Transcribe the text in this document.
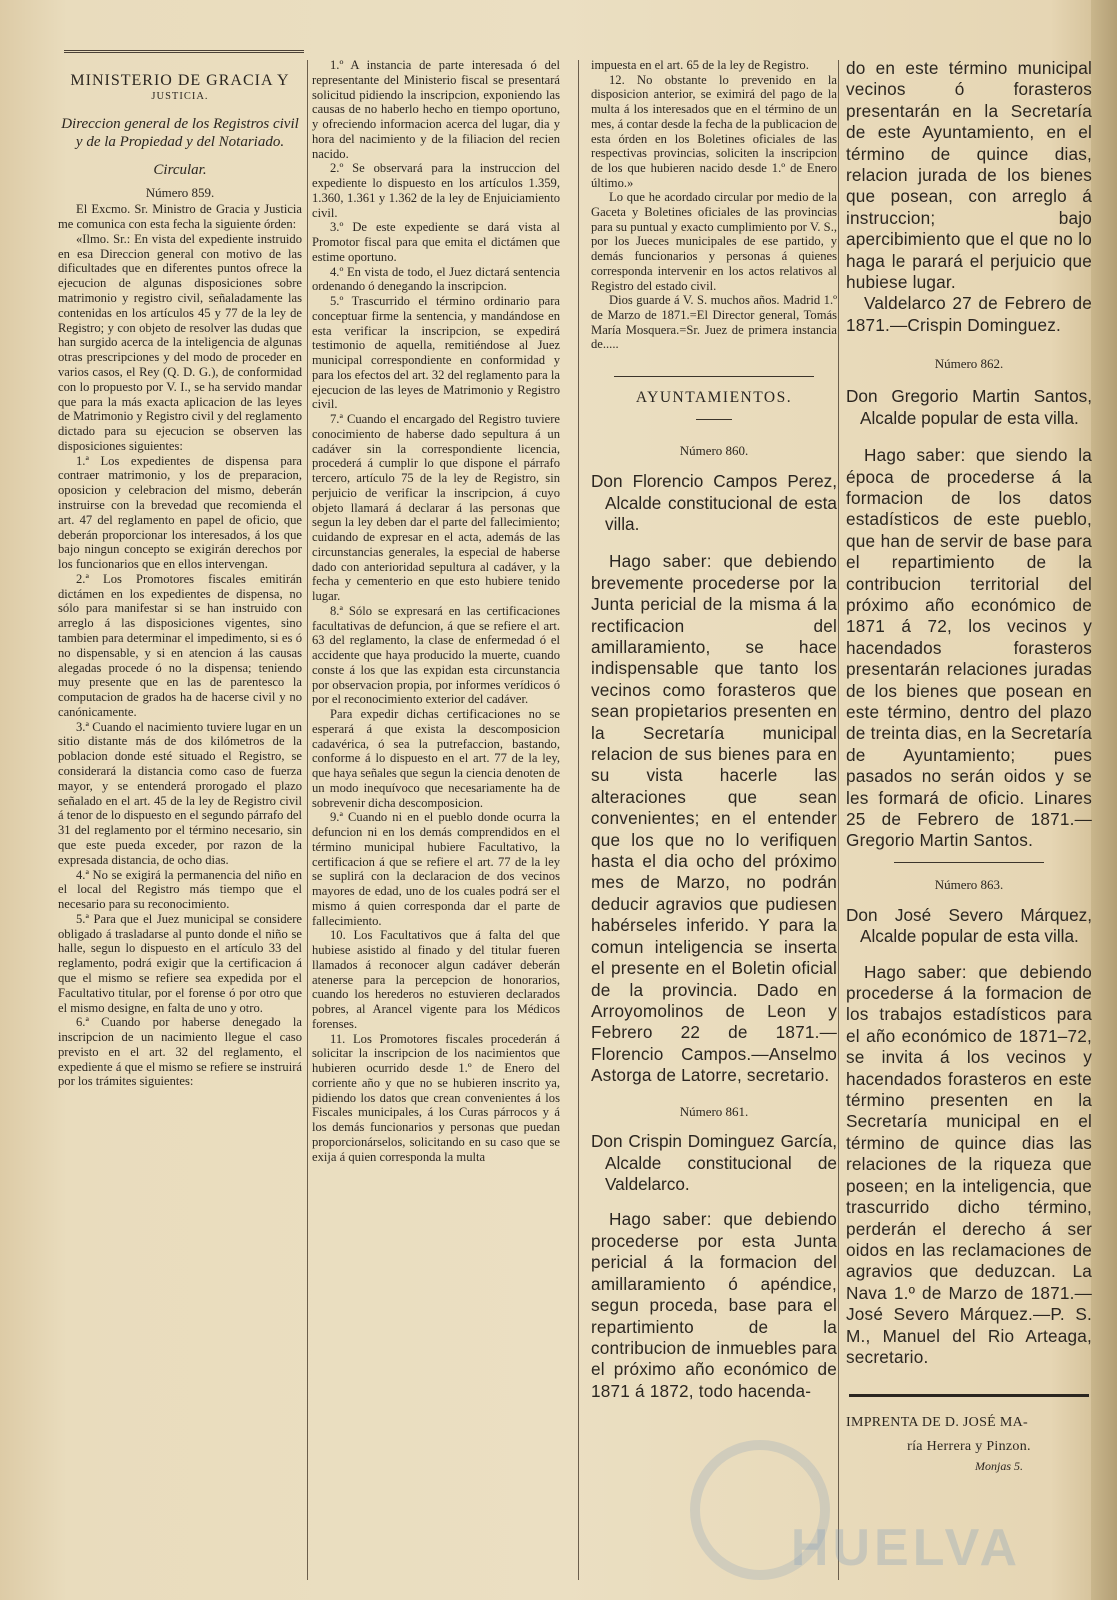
MINISTERIO DE GRACIA Y
JUSTICIA.
Direccion general de los Registros civil y de la Propiedad y del Notariado.
Circular.
Número 859.

El Excmo. Sr. Ministro de Gracia y Justicia me comunica con esta fecha la siguiente órden:

«Ilmo. Sr.: En vista del expediente instruido en esa Direccion general con motivo de las dificultades que en diferentes puntos ofrece la ejecucion de algunas disposiciones sobre matrimonio y registro civil, señaladamente las contenidas en los artículos 45 y 77 de la ley de Registro; y con objeto de resolver las dudas que han surgido acerca de la inteligencia de algunas otras prescripciones y del modo de proceder en varios casos, el Rey (Q. D. G.), de conformidad con lo propuesto por V. I., se ha servido mandar que para la más exacta aplicacion de las leyes de Matrimonio y Registro civil y del reglamento dictado para su ejecucion se observen las disposiciones siguientes:

1.ª Los expedientes de dispensa para contraer matrimonio, y los de preparacion, oposicion y celebracion del mismo, deberán instruirse con la brevedad que recomienda el art. 47 del reglamento en papel de oficio, que deberán proporcionar los interesados, á los que bajo ningun concepto se exigirán derechos por los funcionarios que en ellos intervengan.

2.ª Los Promotores fiscales emitirán dictámen en los expedientes de dispensa, no sólo para manifestar si se han instruido con arreglo á las disposiciones vigentes, sino tambien para determinar el impedimento, si es ó no dispensable, y si en atencion á las causas alegadas procede ó no la dispensa; teniendo muy presente que en las de parentesco la computacion de grados ha de hacerse civil y no canónicamente.

3.ª Cuando el nacimiento tuviere lugar en un sitio distante más de dos kilómetros de la poblacion donde esté situado el Registro, se considerará la distancia como caso de fuerza mayor, y se entenderá prorogado el plazo señalado en el art. 45 de la ley de Registro civil á tenor de lo dispuesto en el segundo párrafo del 31 del reglamento por el término necesario, sin que este pueda exceder, por razon de la expresada distancia, de ocho dias.

4.ª No se exigirá la permanencia del niño en el local del Registro más tiempo que el necesario para su reconocimiento.

5.ª Para que el Juez municipal se considere obligado á trasladarse al punto donde el niño se halle, segun lo dispuesto en el artículo 33 del reglamento, podrá exigir que la certificacion á que el mismo se refiere sea expedida por el Facultativo titular, por el forense ó por otro que el mismo designe, en falta de uno y otro.

6.ª Cuando por haberse denegado la inscripcion de un nacimiento llegue el caso previsto en el art. 32 del reglamento, el expediente á que el mismo se refiere se instruirá por los trámites siguientes:

1.º A instancia de parte interesada ó del representante del Ministerio fiscal se presentará solicitud pidiendo la inscripcion, exponiendo las causas de no haberlo hecho en tiempo oportuno, y ofreciendo informacion acerca del lugar, dia y hora del nacimiento y de la filiacion del recien nacido.

2.º Se observará para la instruccion del expediente lo dispuesto en los artículos 1.359, 1.360, 1.361 y 1.362 de la ley de Enjuiciamiento civil.

3.º De este expediente se dará vista al Promotor fiscal para que emita el dictámen que estime oportuno.

4.º En vista de todo, el Juez dictará sentencia ordenando ó denegando la inscripcion.

5.º Trascurrido el término ordinario para conceptuar firme la sentencia, y mandándose en esta verificar la inscripcion, se expedirá testimonio de aquella, remitiéndose al Juez municipal correspondiente en conformidad y para los efectos del art. 32 del reglamento para la ejecucion de las leyes de Matrimonio y Registro civil.

7.ª Cuando el encargado del Registro tuviere conocimiento de haberse dado sepultura á un cadáver sin la correspondiente licencia, procederá á cumplir lo que dispone el párrafo tercero, artículo 75 de la ley de Registro, sin perjuicio de verificar la inscripcion, á cuyo objeto llamará á declarar á las personas que segun la ley deben dar el parte del fallecimiento; cuidando de expresar en el acta, además de las circunstancias generales, la especial de haberse dado con anterioridad sepultura al cadáver, y la fecha y cementerio en que esto hubiere tenido lugar.

8.ª Sólo se expresará en las certificaciones facultativas de defuncion, á que se refiere el art. 63 del reglamento, la clase de enfermedad ó el accidente que haya producido la muerte, cuando conste á los que las expidan esta circunstancia por observacion propia, por informes verídicos ó por el reconocimiento exterior del cadáver.

Para expedir dichas certificaciones no se esperará á que exista la descomposicion cadavérica, ó sea la putrefaccion, bastando, conforme á lo dispuesto en el art. 77 de la ley, que haya señales que segun la ciencia denoten de un modo inequívoco que necesariamente ha de sobrevenir dicha descomposicion.

9.ª Cuando ni en el pueblo donde ocurra la defuncion ni en los demás comprendidos en el término municipal hubiere Facultativo, la certificacion á que se refiere el art. 77 de la ley se suplirá con la declaracion de dos vecinos mayores de edad, uno de los cuales podrá ser el mismo á quien corresponda dar el parte de fallecimiento.

10. Los Facultativos que á falta del que hubiese asistido al finado y del titular fueren llamados á reconocer algun cadáver deberán atenerse para la percepcion de honorarios, cuando los herederos no estuvieren declarados pobres, al Arancel vigente para los Médicos forenses.

11. Los Promotores fiscales procederán á solicitar la inscripcion de los nacimientos que hubieren ocurrido desde 1.º de Enero del corriente año y que no se hubieren inscrito ya, pidiendo los datos que crean convenientes á los Fiscales municipales, á los Curas párrocos y á los demás funcionarios y personas que puedan proporcionárselos, solicitando en su caso que se exija á quien corresponda la multa

impuesta en el art. 65 de la ley de Registro.

12. No obstante lo prevenido en la disposicion anterior, se eximirá del pago de la multa á los interesados que en el término de un mes, á contar desde la fecha de la publicacion de esta órden en los Boletines oficiales de las respectivas provincias, soliciten la inscripcion de los que hubieren nacido desde 1.º de Enero último.»

Lo que he acordado circular por medio de la Gaceta y Boletines oficiales de las provincias para su puntual y exacto cumplimiento por V. S., por los Jueces municipales de ese partido, y demás funcionarios y personas á quienes corresponda intervenir en los actos relativos al Registro del estado civil.

Dios guarde á V. S. muchos años. Madrid 1.º de Marzo de 1871.=El Director general, Tomás María Mosquera.=Sr. Juez de primera instancia de.....

AYUNTAMIENTOS.
Número 860.

Don Florencio Campos Perez, Alcalde constitucional de esta villa.

Hago saber: que debiendo brevemente procederse por la Junta pericial de la misma á la rectificacion del amillaramiento, se hace indispensable que tanto los vecinos como forasteros que sean propietarios presenten en la Secretaría municipal relacion de sus bienes para en su vista hacerle las alteraciones que sean convenientes; en el entender que los que no lo verifiquen hasta el dia ocho del próximo mes de Marzo, no podrán deducir agravios que pudiesen habérseles inferido. Y para la comun inteligencia se inserta el presente en el Boletin oficial de la provincia. Dado en Arroyomolinos de Leon y Febrero 22 de 1871.—Florencio Campos.—Anselmo Astorga de Latorre, secretario.

Número 861.

Don Crispin Dominguez García, Alcalde constitucional de Valdelarco.

Hago saber: que debiendo procederse por esta Junta pericial á la formacion del amillaramiento ó apéndice, segun proceda, base para el repartimiento de la contribucion de inmuebles para el próximo año económico de 1871 á 1872, todo hacenda-

do en este término municipal vecinos ó forasteros presentarán en la Secretaría de este Ayuntamiento, en el término de quince dias, relacion jurada de los bienes que posean, con arreglo á instruccion; bajo apercibimiento que el que no lo haga le parará el perjuicio que hubiese lugar.

Valdelarco 27 de Febrero de 1871.—Crispin Dominguez.

Número 862.

Don Gregorio Martin Santos, Alcalde popular de esta villa.

Hago saber: que siendo la época de procederse á la formacion de los datos estadísticos de este pueblo, que han de servir de base para el repartimiento de la contribucion territorial del próximo año económico de 1871 á 72, los vecinos y hacendados forasteros presentarán relaciones juradas de los bienes que posean en este término, dentro del plazo de treinta dias, en la Secretaría de Ayuntamiento; pues pasados no serán oidos y se les formará de oficio. Linares 25 de Febrero de 1871.—Gregorio Martin Santos.

Número 863.

Don José Severo Márquez, Alcalde popular de esta villa.

Hago saber: que debiendo procederse á la formacion de los trabajos estadísticos para el año económico de 1871–72, se invita á los vecinos y hacendados forasteros en este término presenten en la Secretaría municipal en el término de quince dias las relaciones de la riqueza que poseen; en la inteligencia, que trascurrido dicho término, perderán el derecho á ser oidos en las reclamaciones de agravios que deduzcan. La Nava 1.º de Marzo de 1871.—José Severo Márquez.—P. S. M., Manuel del Rio Arteaga, secretario.

IMPRENTA DE D. JOSÉ MA-
ría Herrera y Pinzon.
Monjas 5.
HUELVA
